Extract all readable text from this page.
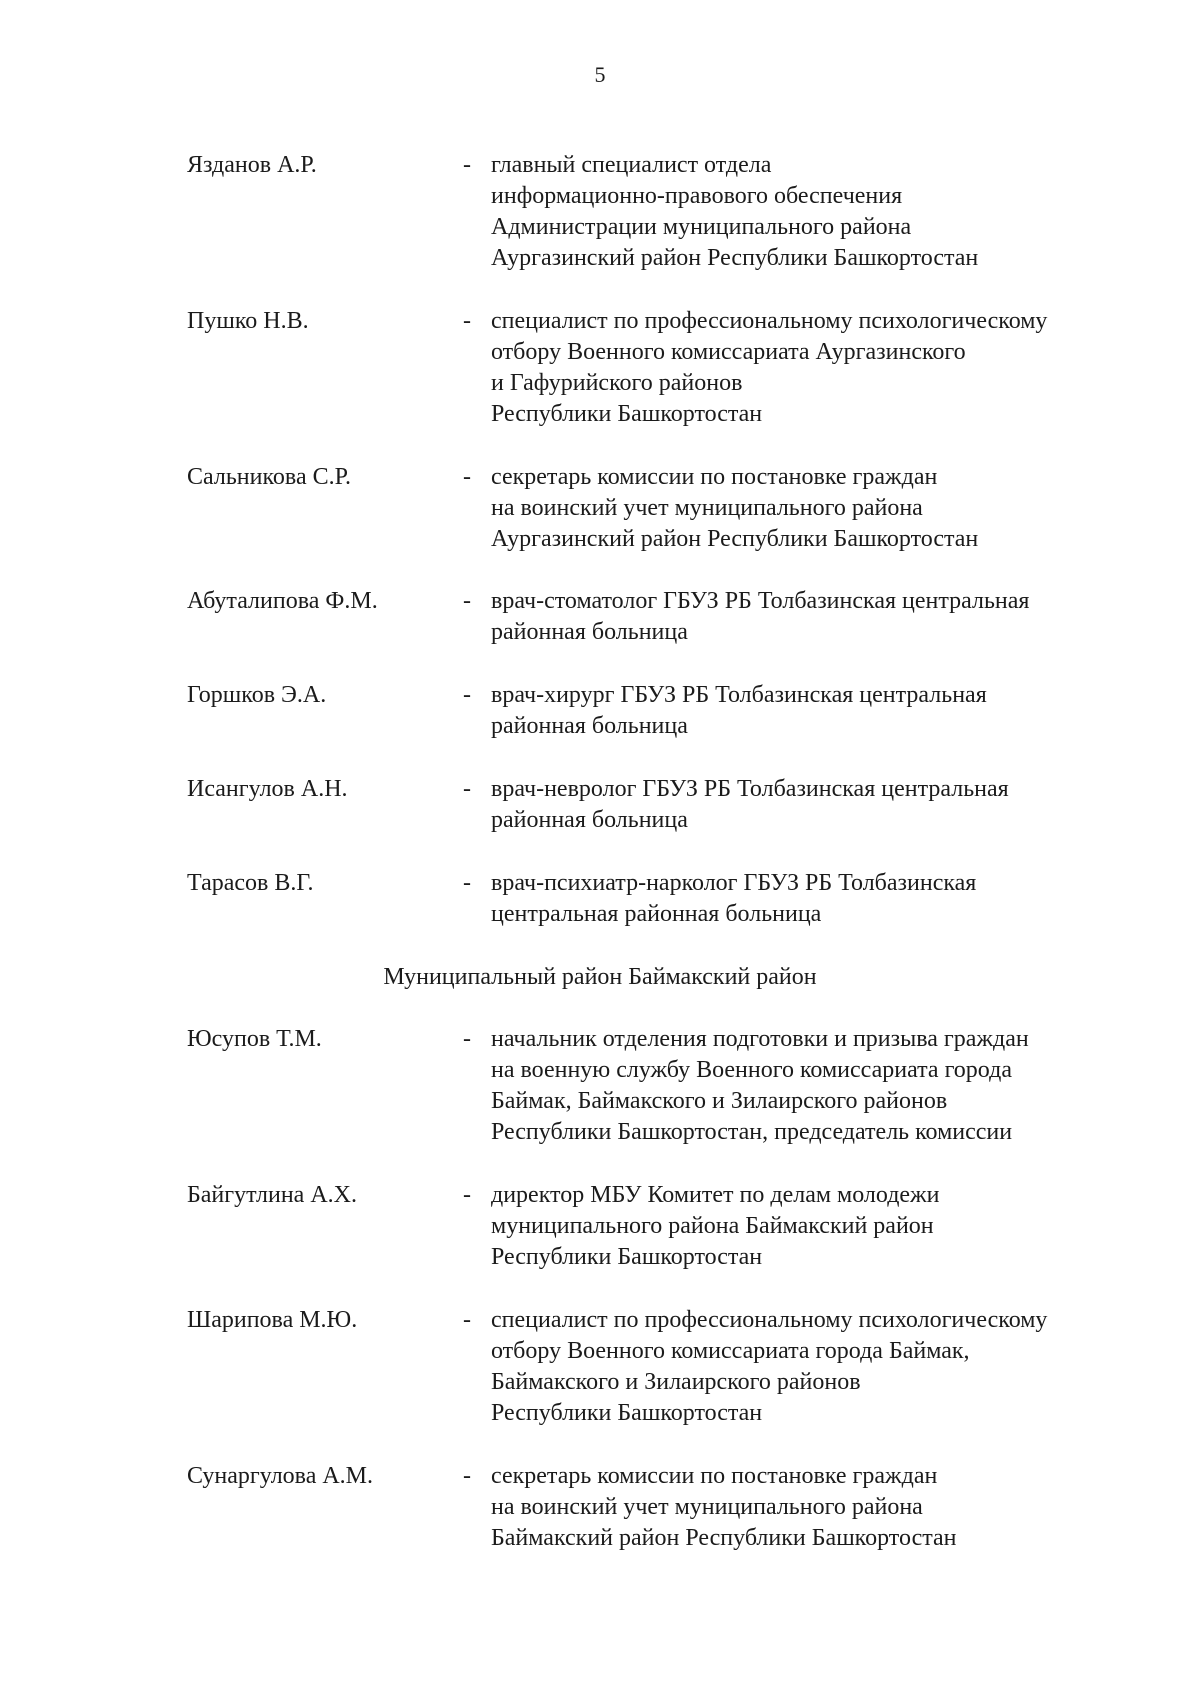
5
Язданов А.Р.	- главный специалист отдела
информационно-правового обеспечения
Администрации муниципального района
Аургазинский район Республики Башкортостан
Пушко Н.В.	- специалист по профессиональному психологическому
отбору Военного комиссариата Аургазинского
и Гафурийского районов
Республики Башкортостан
Сальникова С.Р.	- секретарь комиссии по постановке граждан
на воинский учет муниципального района
Аургазинский район Республики Башкортостан
Абуталипова Ф.М.	- врач-стоматолог ГБУЗ РБ Толбазинская центральная
районная больница
Горшков Э.А.	- врач-хирург ГБУЗ РБ Толбазинская центральная
районная больница
Исангулов А.Н.	- врач-невролог ГБУЗ РБ Толбазинская центральная
районная больница
Тарасов В.Г.	- врач-психиатр-нарколог ГБУЗ РБ Толбазинская
центральная районная больница
Муниципальный район Баймакский район
Юсупов Т.М.	- начальник отделения подготовки и призыва граждан
на военную службу Военного комиссариата города
Баймак, Баймакского и Зилаирского районов
Республики Башкортостан, председатель комиссии
Байгутлина А.Х.	- директор МБУ Комитет по делам молодежи
муниципального района Баймакский район
Республики Башкортостан
Шарипова М.Ю.	- специалист по профессиональному психологическому
отбору Военного комиссариата города Баймак,
Баймакского и Зилаирского районов
Республики Башкортостан
Сунаргулова А.М.	- секретарь комиссии по постановке граждан
на воинский учет муниципального района
Баймакский район Республики Башкортостан
